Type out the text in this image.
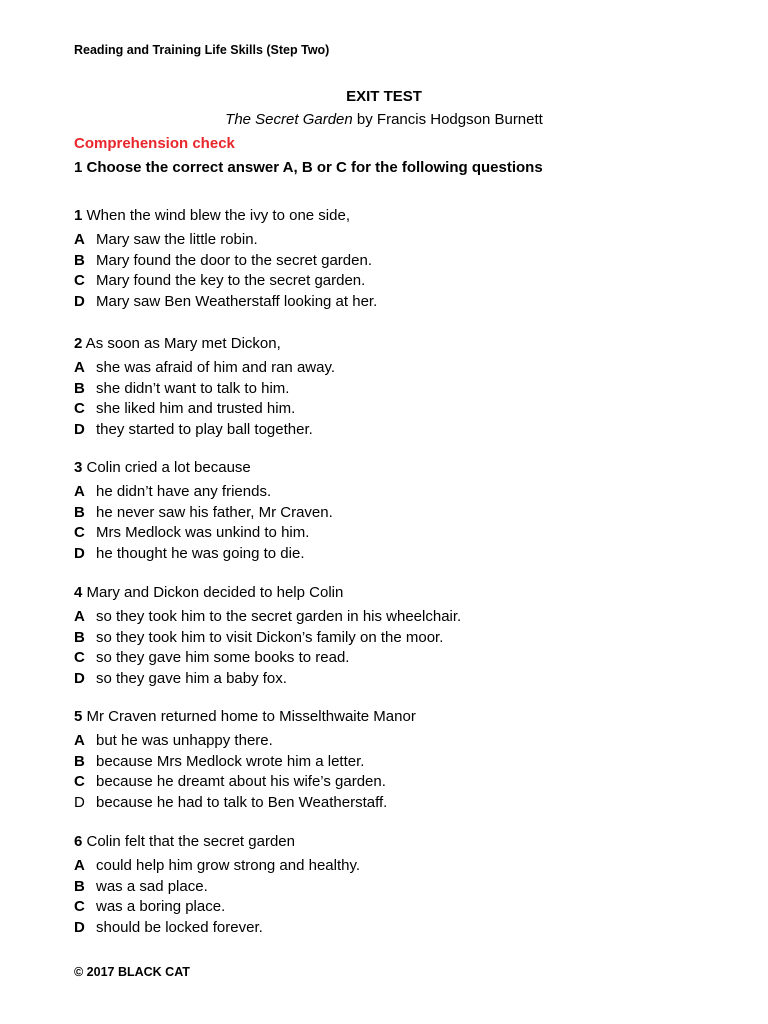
Reading and Training Life Skills (Step Two)
EXIT TEST
The Secret Garden by Francis Hodgson Burnett
Comprehension check
1 Choose the correct answer A, B or C for the following questions
1 When the wind blew the ivy to one side,
A Mary saw the little robin.
B Mary found the door to the secret garden.
C Mary found the key to the secret garden.
D Mary saw Ben Weatherstaff looking at her.
2 As soon as Mary met Dickon,
A she was afraid of him and ran away.
B she didn’t want to talk to him.
C she liked him and trusted him.
D they started to play ball together.
3 Colin cried a lot because
A he didn’t have any friends.
B he never saw his father, Mr Craven.
C Mrs Medlock was unkind to him.
D he thought he was going to die.
4 Mary and Dickon decided to help Colin
A so they took him to the secret garden in his wheelchair.
B so they took him to visit Dickon’s family on the moor.
C so they gave him some books to read.
D so they gave him a baby fox.
5 Mr Craven returned home to Misselthwaite Manor
A but he was unhappy there.
B because Mrs Medlock wrote him a letter.
C because he dreamt about his wife’s garden.
D because he had to talk to Ben Weatherstaff.
6 Colin felt that the secret garden
A could help him grow strong and healthy.
B was a sad place.
C was a boring place.
D should be locked forever.
© 2017 BLACK CAT
